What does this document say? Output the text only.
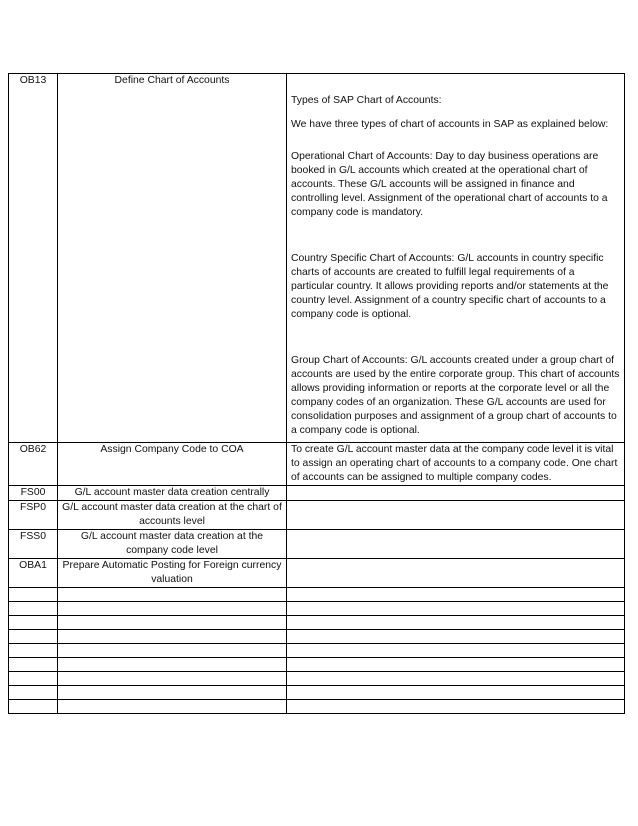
OB13	Define Chart of Accounts	Types of SAP Chart of Accounts:

We have three types of chart of accounts in SAP as explained below:

Operational Chart of Accounts: Day to day business operations are booked in G/L accounts which created at the operational chart of accounts. These G/L accounts will be assigned in finance and controlling level. Assignment of the operational chart of accounts to a company code is mandatory.

Country Specific Chart of Accounts: G/L accounts in country specific charts of accounts are created to fulfill legal requirements of a particular country. It allows providing reports and/or statements at the country level. Assignment of a country specific chart of accounts to a company code is optional.

Group Chart of Accounts: G/L accounts created under a group chart of accounts are used by the entire corporate group. This chart of accounts allows providing information or reports at the corporate level or all the company codes of an organization. These G/L accounts are used for consolidation purposes and assignment of a group chart of accounts to a company code is optional.

OB62	Assign Company Code to COA	To create G/L account master data at the company code level it is vital to assign an operating chart of accounts to a company code. One chart of accounts can be assigned to multiple company codes.
FS00	G/L account master data creation centrally	
FSP0	G/L account master data creation at the chart of accounts level	
FSS0	G/L account master data creation at the company code level	
OBA1	Prepare Automatic Posting for Foreign currency valuation	
